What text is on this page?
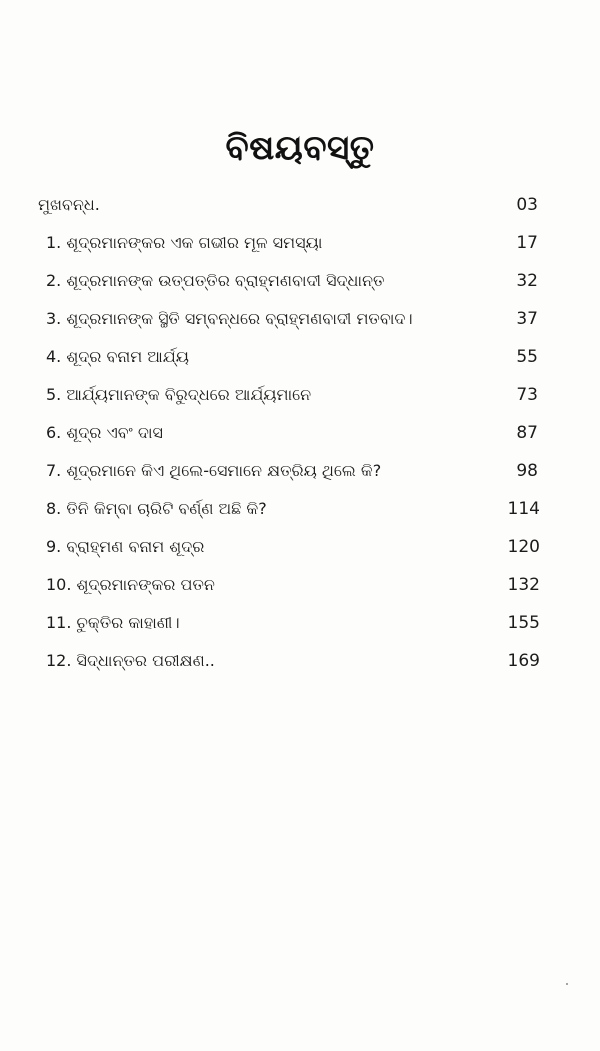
ବିଷୟବସ୍ତୁ
ମୁଖବନ୍ଧ.	03
1. ଶୂଦ୍ରମାନଙ୍କର ଏକ ଗଭୀର ମୂଳ ସମସ୍ୟା	17
2. ଶୂଦ୍ରମାନଙ୍କ ଉତ୍ପତ୍ତିର ବ୍ରାହ୍ମଣବାଦୀ ସିଦ୍ଧାନ୍ତ	32
3. ଶୂଦ୍ରମାନଙ୍କ ସ୍ଥିତି ସମ୍ବନ୍ଧରେ ବ୍ରାହ୍ମଣବାଦୀ ମତବାଦ।	37
4. ଶୂଦ୍ର ବନାମ ଆର୍ଯ୍ୟ	55
5. ଆର୍ଯ୍ୟମାନଙ୍କ ବିରୁଦ୍ଧରେ ଆର୍ଯ୍ୟମାନେ	73
6. ଶୂଦ୍ର ଏବଂ ଦାସ	87
7. ଶୂଦ୍ରମାନେ କିଏ ଥିଲେ-ସେମାନେ କ୍ଷତ୍ରିୟ ଥିଲେ କି?	98
8. ତିନି କିମ୍ବା ଚାରିଟି ବର୍ଣ୍ଣ ଅଛି କି?	114
9. ବ୍ରାହ୍ମଣ ବନାମ ଶୂଦ୍ର	120
10. ଶୂଦ୍ରମାନଙ୍କର ପତନ	132
11. ଚୁକ୍ତିର କାହାଣୀ।	155
12. ସିଦ୍ଧାନ୍ତର ପରୀକ୍ଷଣ..	169
